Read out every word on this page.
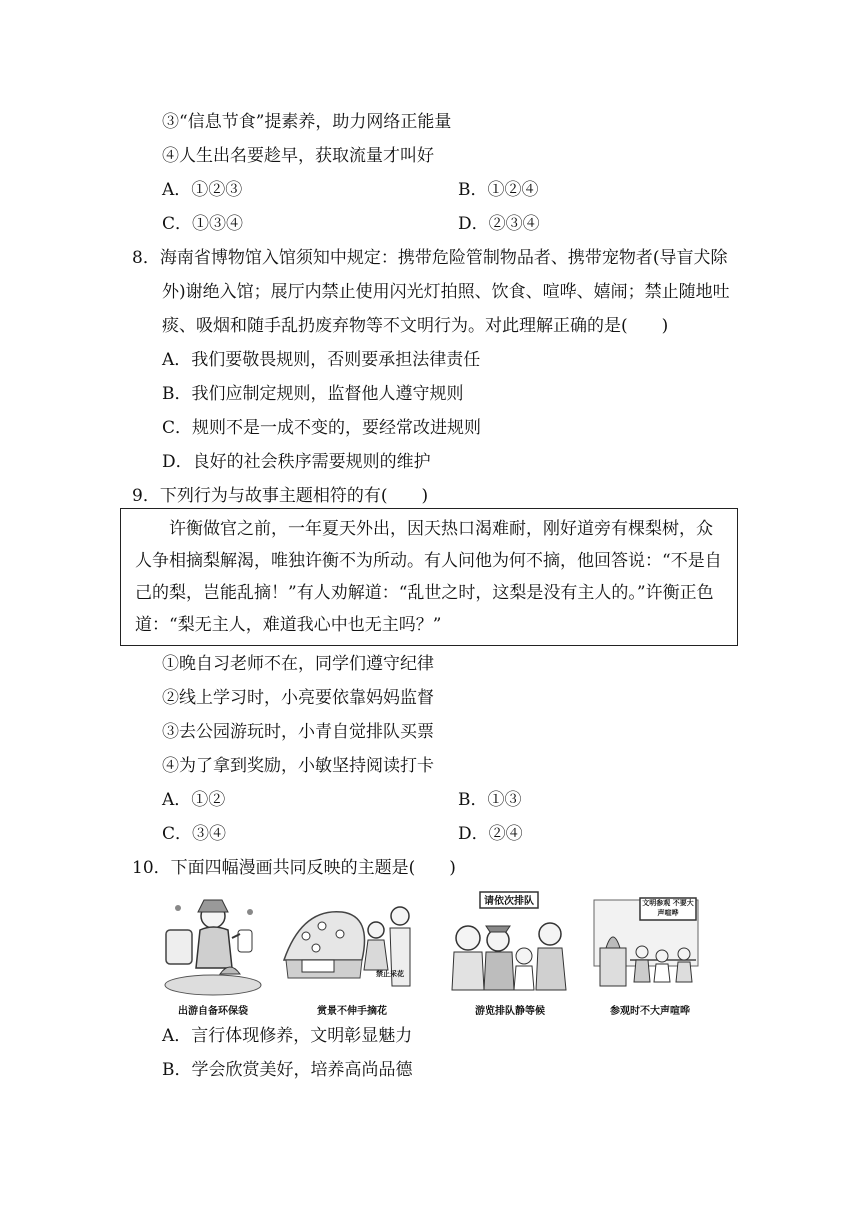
③“信息节食”提素养，助力网络正能量
④人生出名要趁早，获取流量才叫好
A．①②③	B．①②④
C．①③④	D．②③④
8．海南省博物馆入馆须知中规定：携带危险管制物品者、携带宠物者(导盲犬除
外)谢绝入馆；展厅内禁止使用闪光灯拍照、饮食、喧哗、嬉闹；禁止随地吐
痰、吸烟和随手乱扔废弃物等不文明行为。对此理解正确的是(　　)
A．我们要敬畏规则，否则要承担法律责任
B．我们应制定规则，监督他人遵守规则
C．规则不是一成不变的，要经常改进规则
D．良好的社会秩序需要规则的维护
9．下列行为与故事主题相符的有(　　)
　　许衡做官之前，一年夏天外出，因天热口渴难耐，刚好道旁有棵梨树，众
人争相摘梨解渴，唯独许衡不为所动。有人问他为何不摘，他回答说：“不是自
己的梨，岂能乱摘！”有人劝解道：“乱世之时，这梨是没有主人的。”许衡正色
道：“梨无主人，难道我心中也无主吗？”
①晚自习老师不在，同学们遵守纪律
②线上学习时，小亮要依靠妈妈监督
③去公园游玩时，小青自觉排队买票
④为了拿到奖励，小敏坚持阅读打卡
A．①②	B．①③
C．③④	D．②④
10．下面四幅漫画共同反映的主题是(　　)
出游自备环保袋
禁止采花
赏景不伸手摘花
请依次排队
游览排队静等候
文明参观 不要大声喧哗
参观时不大声喧哗
A．言行体现修养，文明彰显魅力
B．学会欣赏美好，培养高尚品德
